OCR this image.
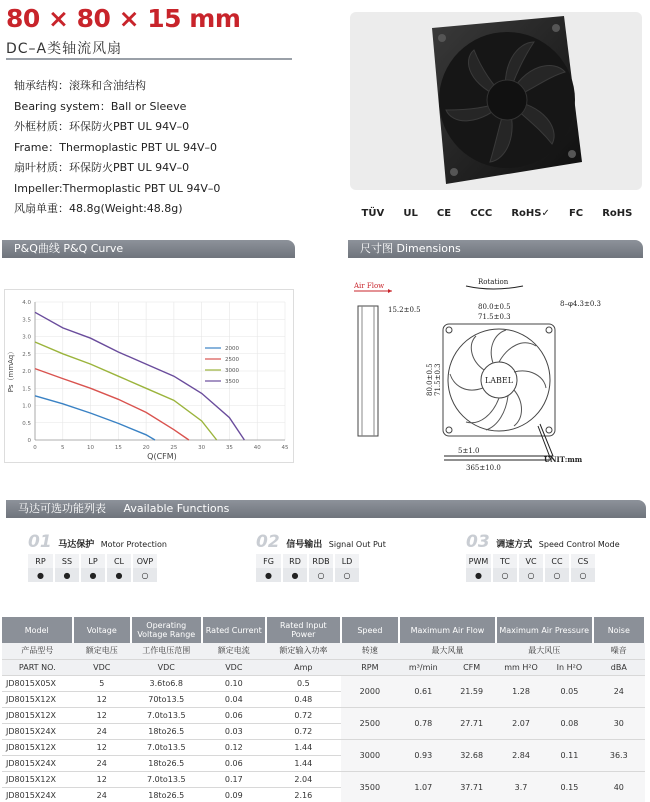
80 × 80 × 15 mm
DC–A类轴流风扇
轴承结构：滚珠和含油结构
Bearing system：Ball or Sleeve
外框材质：环保防火PBT UL 94V–0
Frame：Thermoplastic PBT UL 94V–0
扇叶材质：环保防火PBT UL 94V–0
Impeller:Thermoplastic PBT UL 94V–0
风扇单重：48.8g(Weight:48.8g)	TÜV UL CE CCC RoHS✓ FC RoHS
P&Q曲线 P&Q Curve	尺寸图 Dimensions
0	5	10	15	20	25	30	35	40	45
4.0
3.5
3.0
2.5
2.0
1.5
1.0
0.5
0
2000
2500
3000
3500
Q(CFM)
Ps（mmAq）
Air Flow
15.2±0.5
Rotation
80.0±0.5
71.5±0.3
8–φ4.3±0.3
LABEL
80.0±0.5 71.5±0.3
5±1.0
365±10.0
UNIT:mm
马达可选功能列表 Available Functions
01 马达保护 Motor Protection
RP	SS	LP	CL	OVP
●	●	●	●	○
02 信号输出 Signal Out Put
FG	RD	RDB	LD
●	●	○	○
03 调速方式 Speed Control Mode
PWM	TC	VC	CC	CS
●	○	○	○	○
Model	Voltage	Operating Voltage Range	Rated Current	Rated Input Power	Speed	Maximum Air Flow		Maximum Air Pressure		Noise
产品型号	额定电压	工作电压范围	额定电流	额定输入功率	转速	最大风量		最大风压		噪音
PART NO.	VDC	VDC	VDC	Amp	RPM	m³/min	CFM	mm H²O	In H²O	dBA
JD8015X05X	5	3.6to6.8	0.10	0.5	2000	0.61	21.59	1.28	0.05	24
JD8015X12X	12	70to13.5	0.04	0.48						
JD8015X12X	12	7.0to13.5	0.06	0.72	2500	0.78	27.71	2.07	0.08	30
JD8015X24X	24	18to26.5	0.03	0.72						
JD8015X12X	12	7.0to13.5	0.12	1.44	3000	0.93	32.68	2.84	0.11	36.3
JD8015X24X	24	18to26.5	0.06	1.44						
JD8015X12X	12	7.0to13.5	0.17	2.04	3500	1.07	37.71	3.7	0.15	40
JD8015X24X	24	18to26.5	0.09	2.16						
